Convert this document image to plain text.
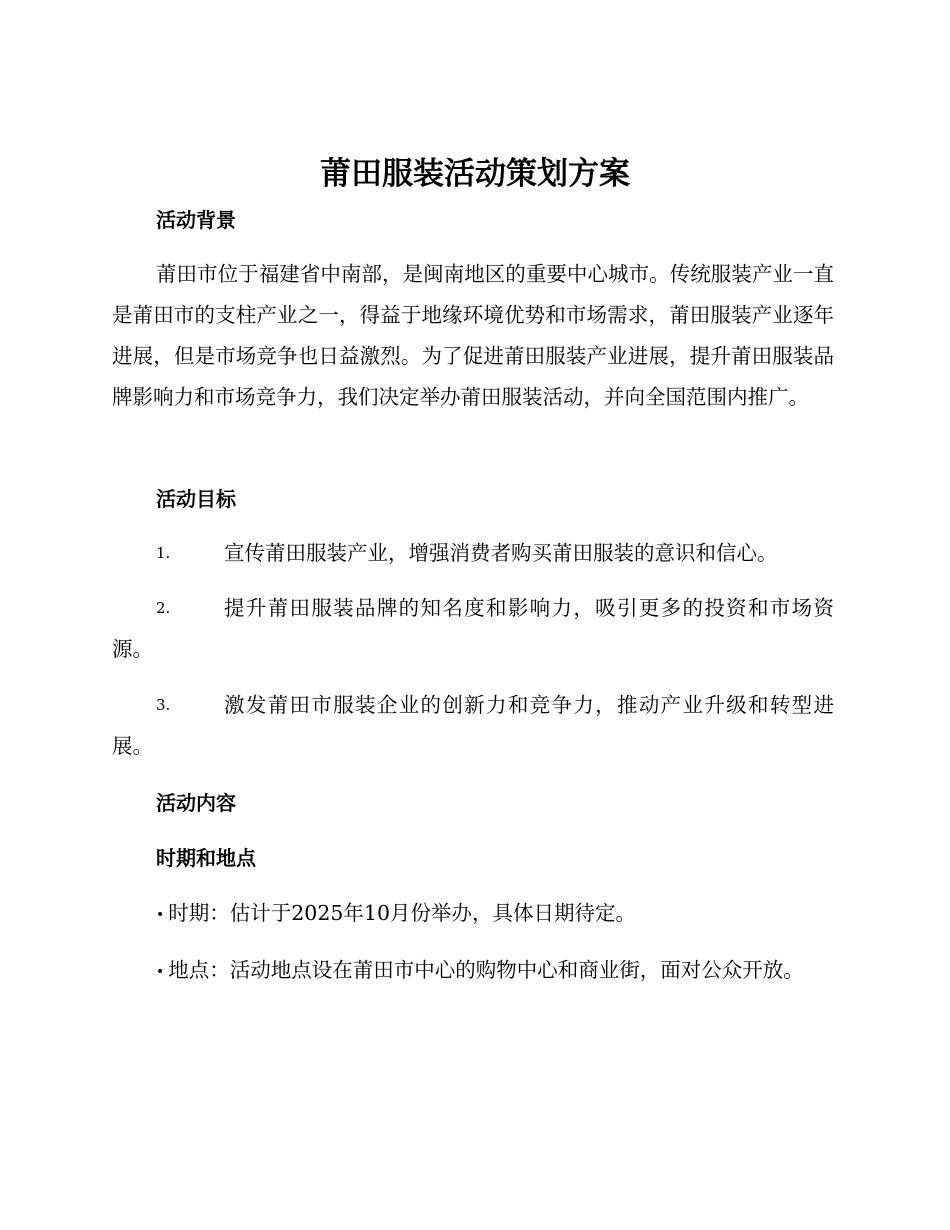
莆田服装活动策划方案
活动背景
莆田市位于福建省中南部，是闽南地区的重要中心城市。传统服装产业一直是莆田市的支柱产业之一，得益于地缘环境优势和市场需求，莆田服装产业逐年进展，但是市场竞争也日益激烈。为了促进莆田服装产业进展，提升莆田服装品牌影响力和市场竞争力，我们决定举办莆田服装活动，并向全国范围内推广。
活动目标
1.	宣传莆田服装产业，增强消费者购买莆田服装的意识和信心。
2.	提升莆田服装品牌的知名度和影响力，吸引更多的投资和市场资源。
3.	激发莆田市服装企业的创新力和竞争力，推动产业升级和转型进展。
活动内容
时期和地点
• 时期：估计于2025年10月份举办，具体日期待定。
• 地点：活动地点设在莆田市中心的购物中心和商业街，面对公众开放。
